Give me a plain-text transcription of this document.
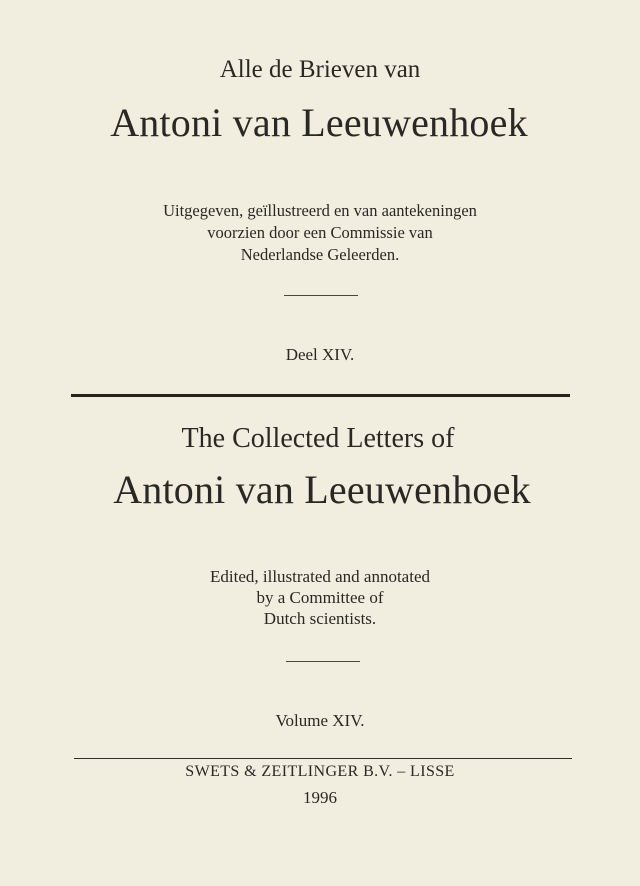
Alle de Brieven van
Antoni van Leeuwenhoek
Uitgegeven, geïllustreerd en van aantekeningen
voorzien door een Commissie van
Nederlandse Geleerden.
Deel XIV.
The Collected Letters of
Antoni van Leeuwenhoek
Edited, illustrated and annotated
by a Committee of
Dutch scientists.
Volume XIV.
SWETS & ZEITLINGER B.V. – LISSE
1996
